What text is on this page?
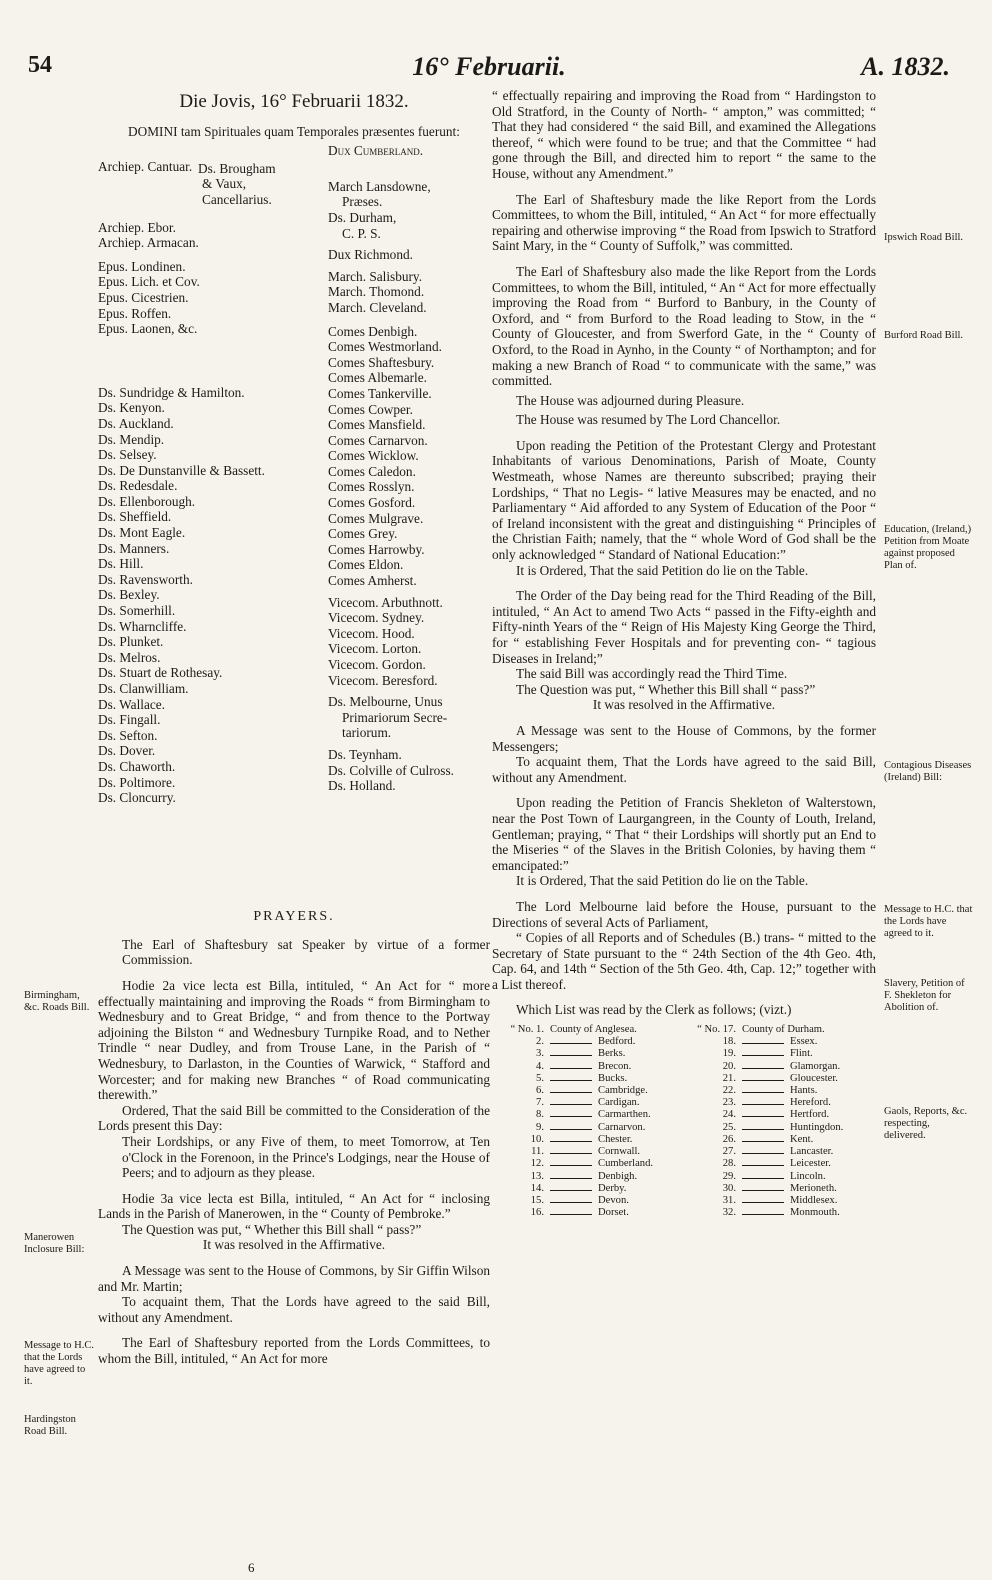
54	16° Februarii.	A. 1832.
Die Jovis, 16° Februarii 1832.

DOMINI tam Spirituales quam Temporales præsentes fuerunt:

Archiep. Cantuar. Ds. Brougham
& Vaux,
Cancellarius.
Archiep. Ebor.
Archiep. Armacan.
Epus. Londinen.
Epus. Lich. et Cov.
Epus. Cicestrien.
Epus. Roffen.
Epus. Laonen, &c.
Ds. Sundridge & Hamilton.
Ds. Kenyon.
Ds. Auckland.
Ds. Mendip.
Ds. Selsey.
Ds. De Dunstanville & Bassett.
Ds. Redesdale.
Ds. Ellenborough.
Ds. Sheffield.
Ds. Mont Eagle.
Ds. Manners.
Ds. Hill.
Ds. Ravensworth.
Ds. Bexley.
Ds. Somerhill.
Ds. Wharncliffe.
Ds. Plunket.
Ds. Melros.
Ds. Stuart de Rothesay.
Ds. Clanwilliam.
Ds. Wallace.
Ds. Fingall.
Ds. Sefton.
Ds. Dover.
Ds. Chaworth.
Ds. Poltimore.
Ds. Cloncurry.
Dux Cumberland.
March Lansdowne,
Præses.
Ds. Durham,
C. P. S.
Dux Richmond.
March. Salisbury.
March. Thomond.
March. Cleveland.
Comes Denbigh.
Comes Westmorland.
Comes Shaftesbury.
Comes Albemarle.
Comes Tankerville.
Comes Cowper.
Comes Mansfield.
Comes Carnarvon.
Comes Wicklow.
Comes Caledon.
Comes Rosslyn.
Comes Gosford.
Comes Mulgrave.
Comes Grey.
Comes Harrowby.
Comes Eldon.
Comes Amherst.
Vicecom. Arbuthnott.
Vicecom. Sydney.
Vicecom. Hood.
Vicecom. Lorton.
Vicecom. Gordon.
Vicecom. Beresford.
Ds. Melbourne, Unus
Primariorum Secre-
tariorum.
Ds. Teynham.
Ds. Colville of Culross.
Ds. Holland.
PRAYERS.

The Earl of Shaftesbury sat Speaker by virtue of a former Commission.

Hodie 2a vice lecta est Billa, intituled, “ An Act for “ more effectually maintaining and improving the Roads “ from Birmingham to Wednesbury and to Great Bridge, “ and from thence to the Portway adjoining the Bilston “ and Wednesbury Turnpike Road, and to Nether Trindle “ near Dudley, and from Trouse Lane, in the Parish of “ Wednesbury, to Darlaston, in the Counties of Warwick, “ Stafford and Worcester; and for making new Branches “ of Road communicating therewith.”

Ordered, That the said Bill be committed to the Consideration of the Lords present this Day:

Their Lordships, or any Five of them, to meet Tomorrow, at Ten o'Clock in the Forenoon, in the Prince's Lodgings, near the House of Peers; and to adjourn as they please.

Hodie 3a vice lecta est Billa, intituled, “ An Act for “ inclosing Lands in the Parish of Manerowen, in the “ County of Pembroke.”

The Question was put, “ Whether this Bill shall “ pass?”

It was resolved in the Affirmative.

A Message was sent to the House of Commons, by Sir Giffin Wilson and Mr. Martin;

To acquaint them, That the Lords have agreed to the said Bill, without any Amendment.

The Earl of Shaftesbury reported from the Lords Committees, to whom the Bill, intituled, “ An Act for more

Birmingham, &c. Roads Bill.
Manerowen Inclosure Bill:
Message to H.C. that the Lords have agreed to it.
Hardingston Road Bill.

“ effectually repairing and improving the Road from “ Hardingston to Old Stratford, in the County of North- “ ampton,” was committed; “ That they had considered “ the said Bill, and examined the Allegations thereof, “ which were found to be true; and that the Committee “ had gone through the Bill, and directed him to report “ the same to the House, without any Amendment.”

The Earl of Shaftesbury made the like Report from the Lords Committees, to whom the Bill, intituled, “ An Act “ for more effectually repairing and otherwise improving “ the Road from Ipswich to Stratford Saint Mary, in the “ County of Suffolk,” was committed.

The Earl of Shaftesbury also made the like Report from the Lords Committees, to whom the Bill, intituled, “ An “ Act for more effectually improving the Road from “ Burford to Banbury, in the County of Oxford, and “ from Burford to the Road leading to Stow, in the “ County of Gloucester, and from Swerford Gate, in the “ County of Oxford, to the Road in Aynho, in the County “ of Northampton; and for making a new Branch of Road “ to communicate with the same,” was committed.

The House was adjourned during Pleasure.

The House was resumed by The Lord Chancellor.

Upon reading the Petition of the Protestant Clergy and Protestant Inhabitants of various Denominations, Parish of Moate, County Westmeath, whose Names are thereunto subscribed; praying their Lordships, “ That no Legis- “ lative Measures may be enacted, and no Parliamentary “ Aid afforded to any System of Education of the Poor “ of Ireland inconsistent with the great and distinguishing “ Principles of the Christian Faith; namely, that the “ whole Word of God shall be the only acknowledged “ Standard of National Education:”

It is Ordered, That the said Petition do lie on the Table.

The Order of the Day being read for the Third Reading of the Bill, intituled, “ An Act to amend Two Acts “ passed in the Fifty-eighth and Fifty-ninth Years of the “ Reign of His Majesty King George the Third, for “ establishing Fever Hospitals and for preventing con- “ tagious Diseases in Ireland;”

The said Bill was accordingly read the Third Time.

The Question was put, “ Whether this Bill shall “ pass?”

It was resolved in the Affirmative.

A Message was sent to the House of Commons, by the former Messengers;

To acquaint them, That the Lords have agreed to the said Bill, without any Amendment.

Upon reading the Petition of Francis Shekleton of Walterstown, near the Post Town of Laurgangreen, in the County of Louth, Ireland, Gentleman; praying, “ That “ their Lordships will shortly put an End to the Miseries “ of the Slaves in the British Colonies, by having them “ emancipated:”

It is Ordered, That the said Petition do lie on the Table.

The Lord Melbourne laid before the House, pursuant to the Directions of several Acts of Parliament,

“ Copies of all Reports and of Schedules (B.) trans- “ mitted to the Secretary of State pursuant to the “ 24th Section of the 4th Geo. 4th, Cap. 64, and 14th “ Section of the 5th Geo. 4th, Cap. 12;” together with a List thereof.

Which List was read by the Clerk as follows; (vizt.)

“ No. 1. County of Anglesea.
2.	Bedford.
3.	Berks.
4.	Brecon.
5.	Bucks.
6.	Cambridge.
7.	Cardigan.
8.	Carmarthen.
9.	Carnarvon.
10.	Chester.
11.	Cornwall.
12.	Cumberland.
13.	Denbigh.
14.	Derby.
15.	Devon.
16.	Dorset.
“ No. 17. County of Durham.
18.	Essex.
19.	Flint.
20.	Glamorgan.
21.	Gloucester.
22.	Hants.
23.	Hereford.
24.	Hertford.
25.	Huntingdon.
26.	Kent.
27.	Lancaster.
28.	Leicester.
29.	Lincoln.
30.	Merioneth.
31.	Middlesex.
32.	Monmouth.
Ipswich Road Bill.
Burford Road Bill.
Education, (Ireland,) Petition from Moate against proposed Plan of.
Contagious Diseases (Ireland) Bill:
Message to H.C. that the Lords have agreed to it.
Slavery, Petition of F. Shekleton for Abolition of.
Gaols, Reports, &c. respecting, delivered.
6
